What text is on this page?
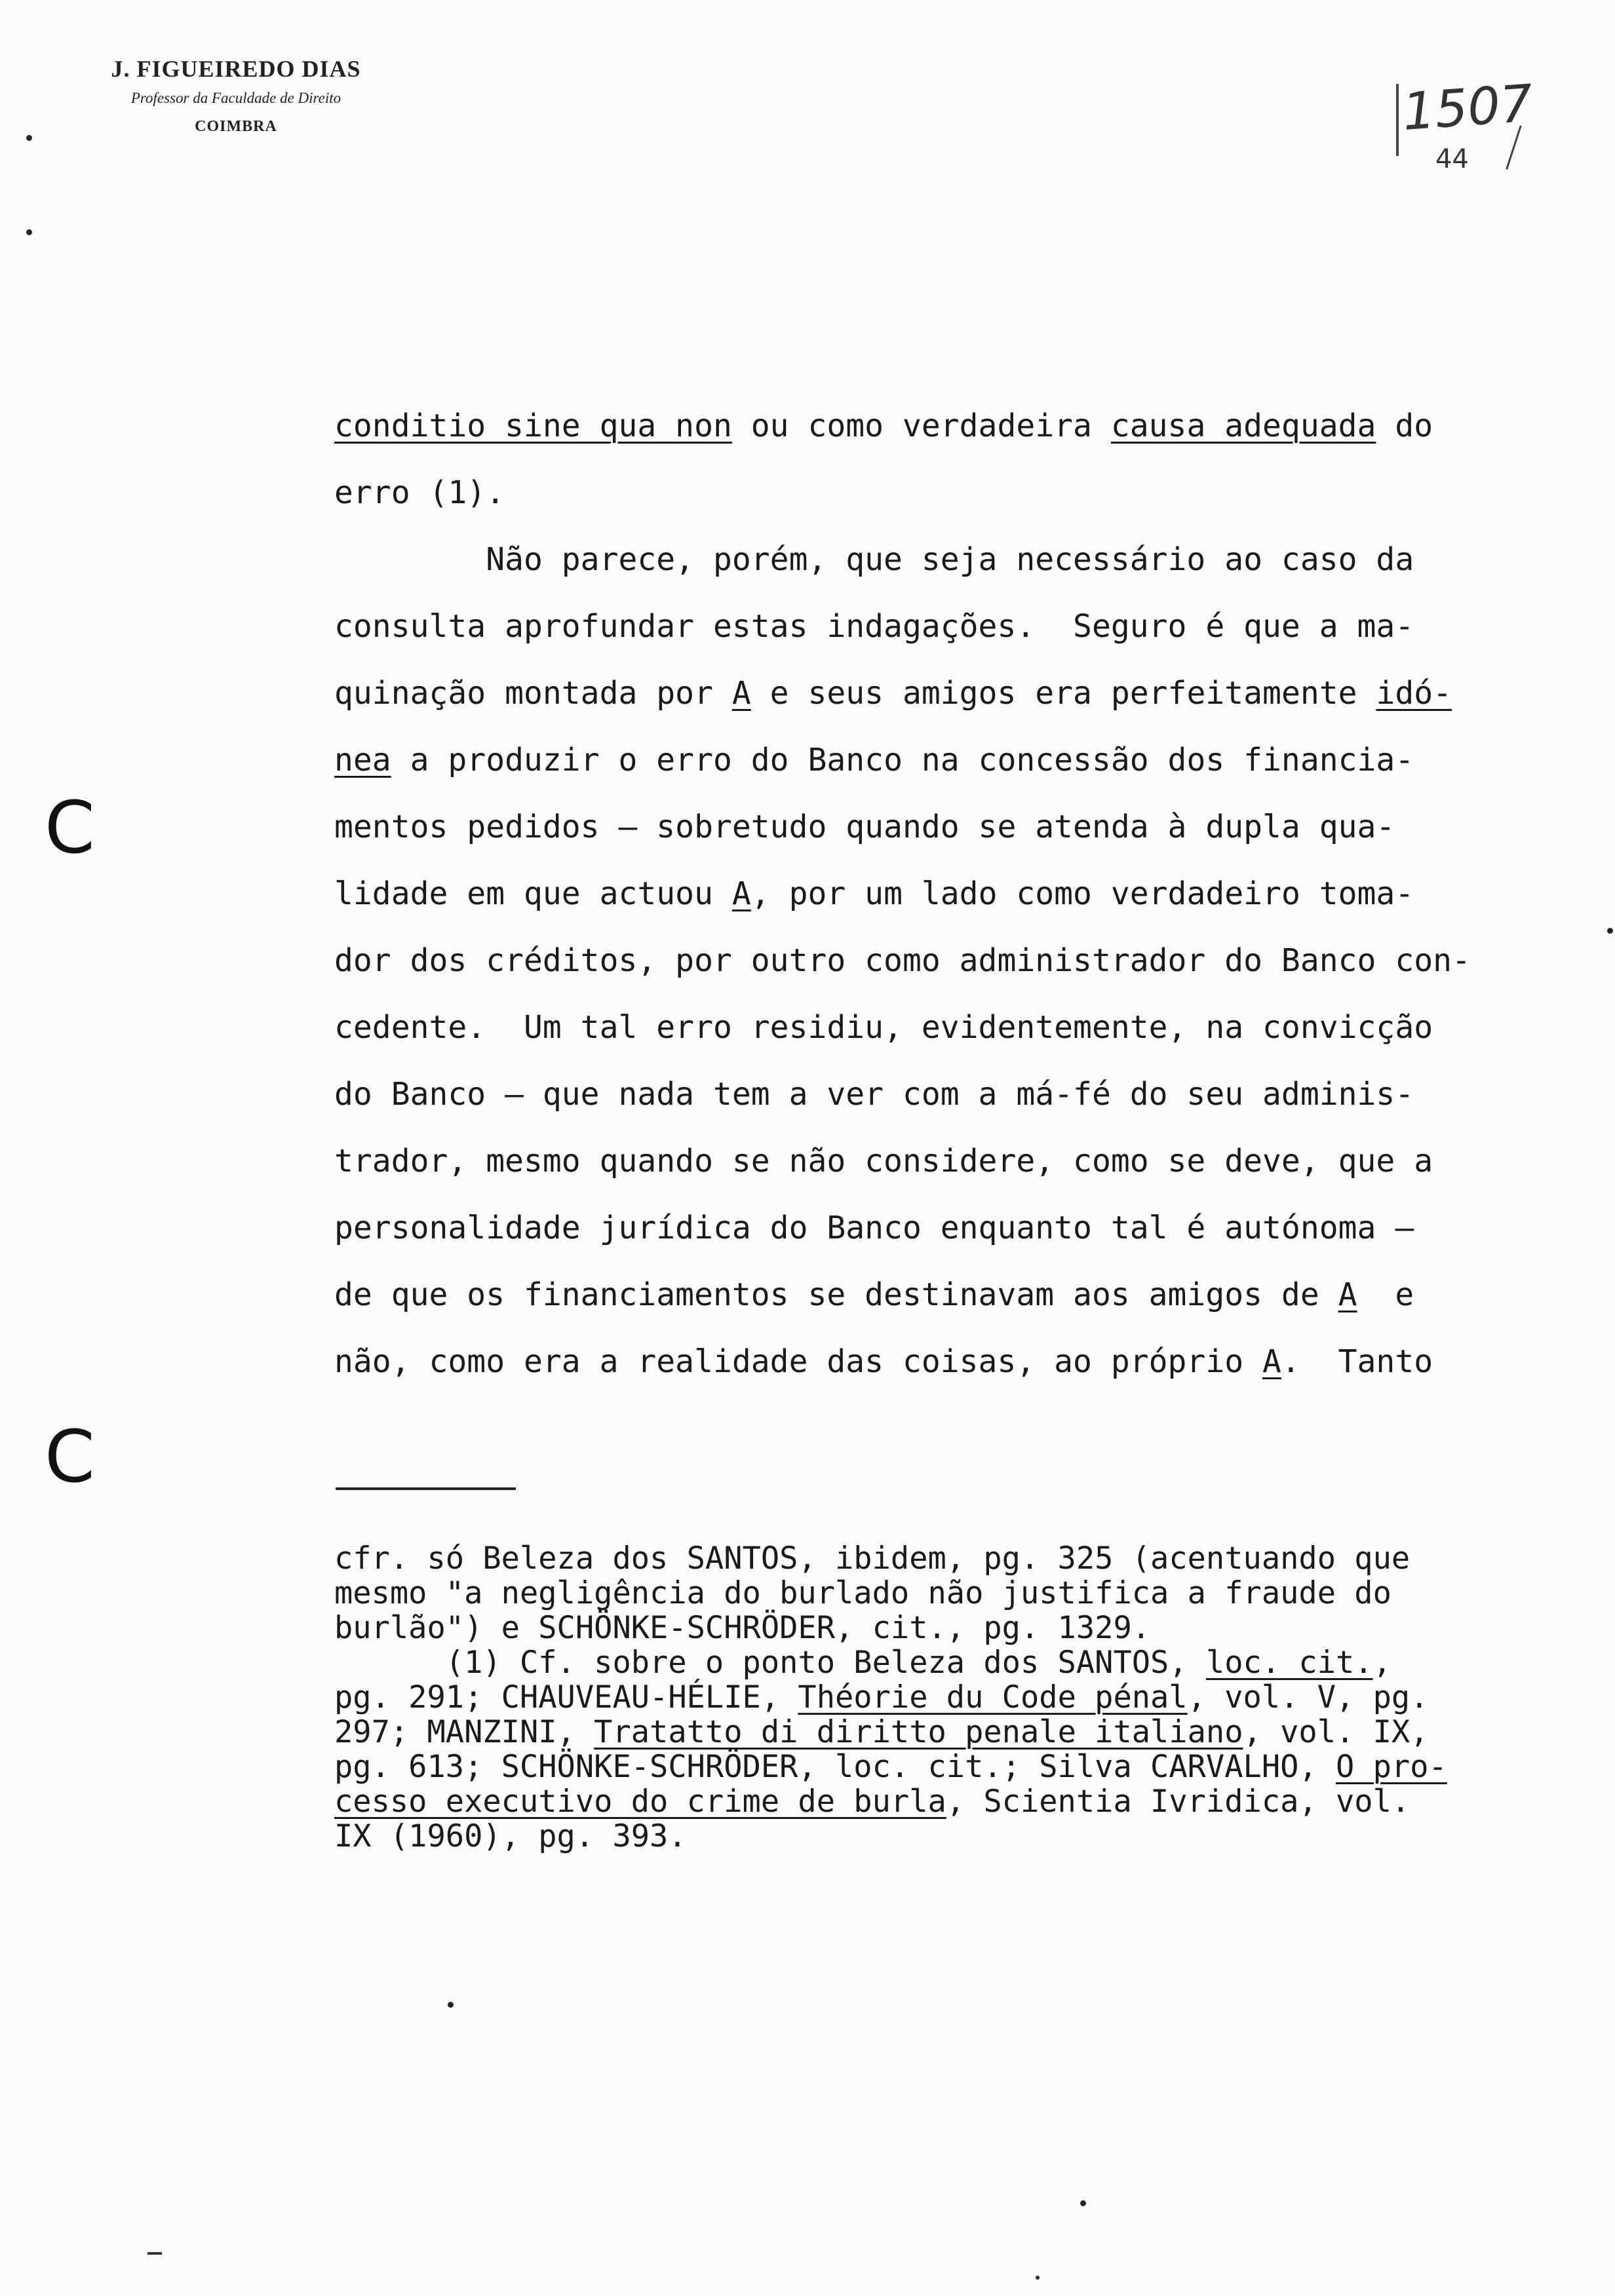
J. FIGUEIREDO DIAS
Professor da Faculdade de Direito
COIMBRA	1507
44
C
C
conditio sine qua non ou como verdadeira causa adequada do
erro (1).
Não parece, porém, que seja necessário ao caso da
consulta aprofundar estas indagações.  Seguro é que a ma-
quinação montada por A e seus amigos era perfeitamente idó-
nea a produzir o erro do Banco na concessão dos financia-
mentos pedidos — sobretudo quando se atenda à dupla qua-
lidade em que actuou A, por um lado como verdadeiro toma-
dor dos créditos, por outro como administrador do Banco con-
cedente.  Um tal erro residiu, evidentemente, na convicção
do Banco — que nada tem a ver com a má-fé do seu adminis-
trador, mesmo quando se não considere, como se deve, que a
personalidade jurídica do Banco enquanto tal é autónoma —
de que os financiamentos se destinavam aos amigos de A  e
não, como era a realidade das coisas, ao próprio A.  Tanto
cfr. só Beleza dos SANTOS, ibidem, pg. 325 (acentuando que
mesmo "a negligência do burlado não justifica a fraude do
burlão") e SCHÖNKE-SCHRÖDER, cit., pg. 1329.
(1) Cf. sobre o ponto Beleza dos SANTOS, loc. cit.,
pg. 291; CHAUVEAU-HÉLIE, Théorie du Code pénal, vol. V, pg.
297; MANZINI, Tratatto di diritto penale italiano, vol. IX,
pg. 613; SCHÖNKE-SCHRÖDER, loc. cit.; Silva CARVALHO, O pro-
cesso executivo do crime de burla, Scientia Ivridica, vol.
IX (1960), pg. 393.
